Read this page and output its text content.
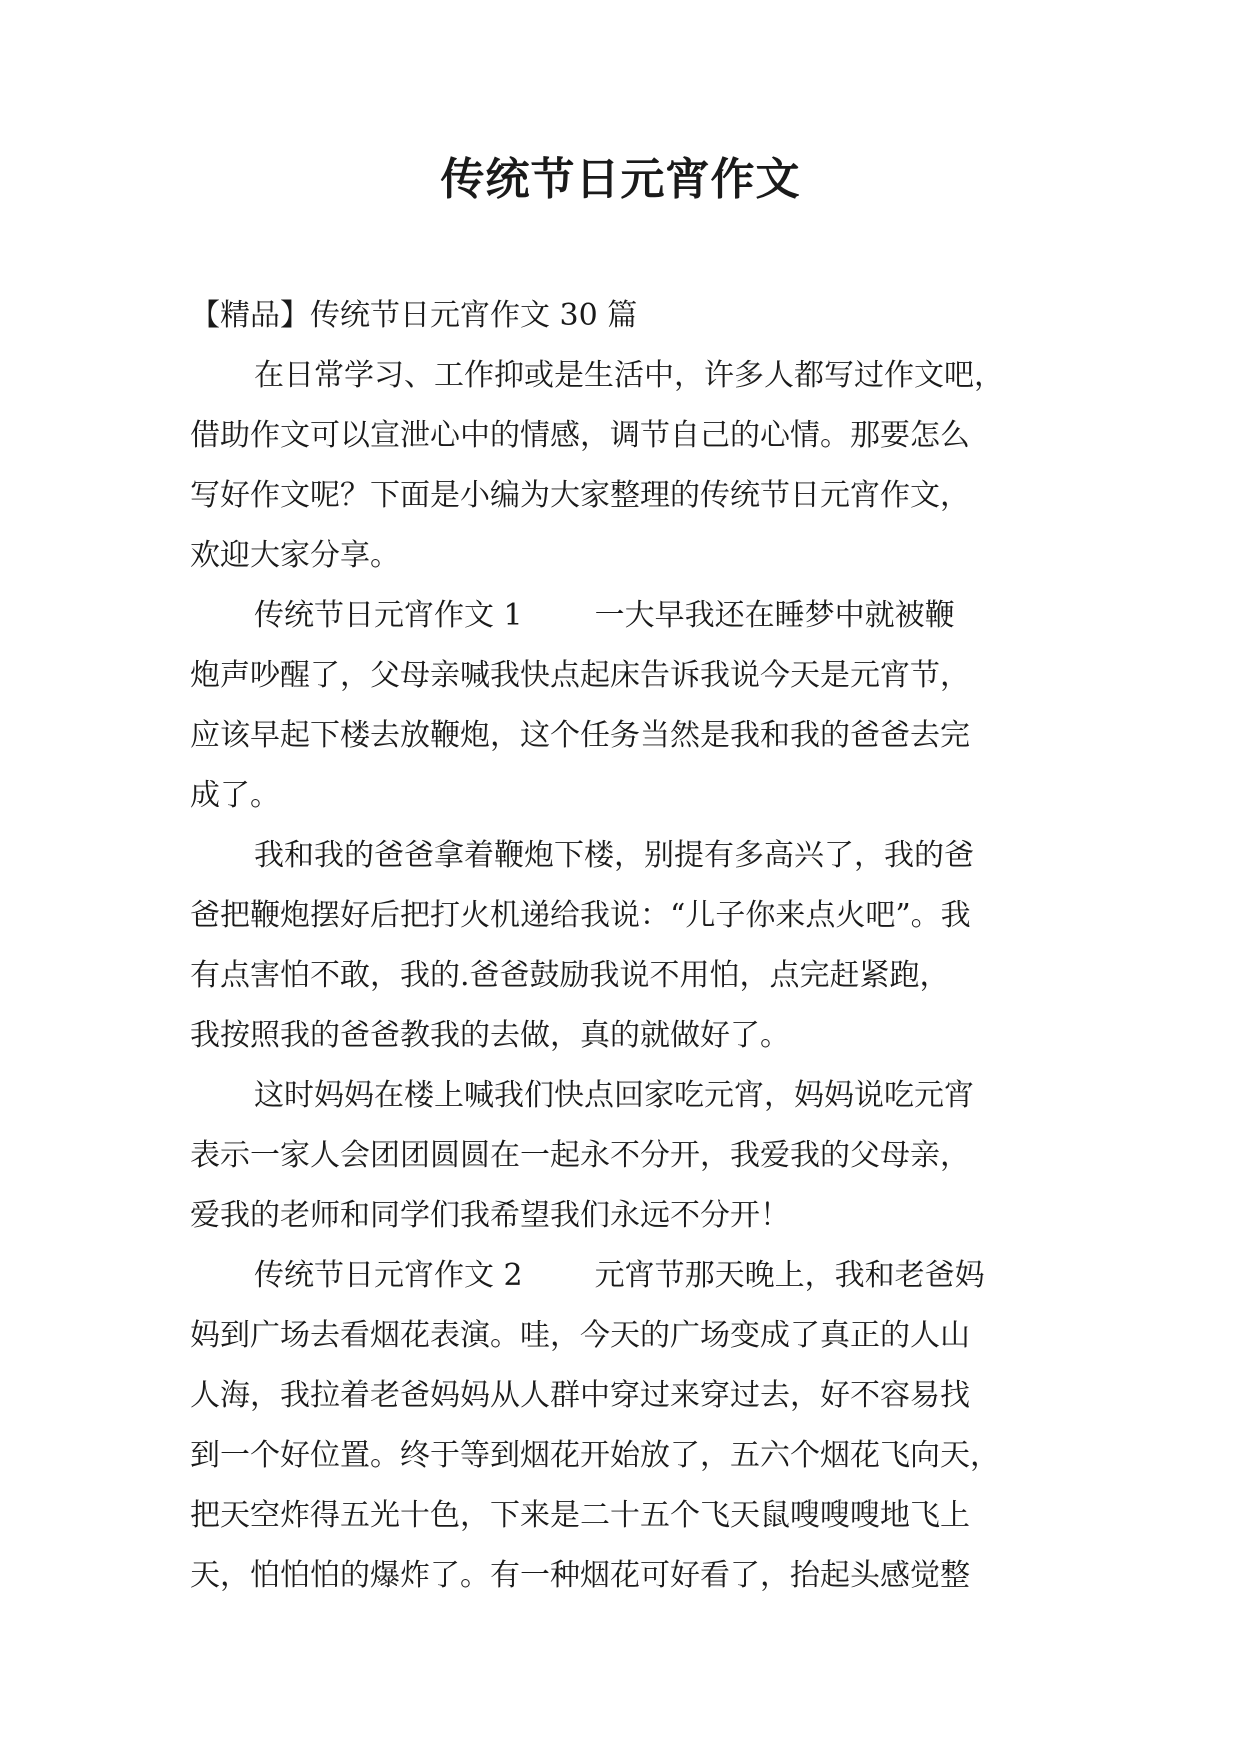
传统节日元宵作文

【精品】传统节日元宵作文 30 篇

在日常学习、工作抑或是生活中，许多人都写过作文吧，

借助作文可以宣泄心中的情感，调节自己的心情。那要怎么

写好作文呢？下面是小编为大家整理的传统节日元宵作文，

欢迎大家分享。

传统节日元宵作文 1 一大早我还在睡梦中就被鞭

炮声吵醒了，父母亲喊我快点起床告诉我说今天是元宵节，

应该早起下楼去放鞭炮，这个任务当然是我和我的爸爸去完

成了。

我和我的爸爸拿着鞭炮下楼，别提有多高兴了，我的爸

爸把鞭炮摆好后把打火机递给我说：“儿子你来点火吧”。我

有点害怕不敢，我的.爸爸鼓励我说不用怕，点完赶紧跑，

我按照我的爸爸教我的去做，真的就做好了。

这时妈妈在楼上喊我们快点回家吃元宵，妈妈说吃元宵

表示一家人会团团圆圆在一起永不分开，我爱我的父母亲，

爱我的老师和同学们我希望我们永远不分开！

传统节日元宵作文 2 元宵节那天晚上，我和老爸妈

妈到广场去看烟花表演。哇，今天的广场变成了真正的人山

人海，我拉着老爸妈妈从人群中穿过来穿过去，好不容易找

到一个好位置。终于等到烟花开始放了，五六个烟花飞向天，

把天空炸得五光十色，下来是二十五个飞天鼠嗖嗖嗖地飞上

天，怕怕怕的爆炸了。有一种烟花可好看了，抬起头感觉整
